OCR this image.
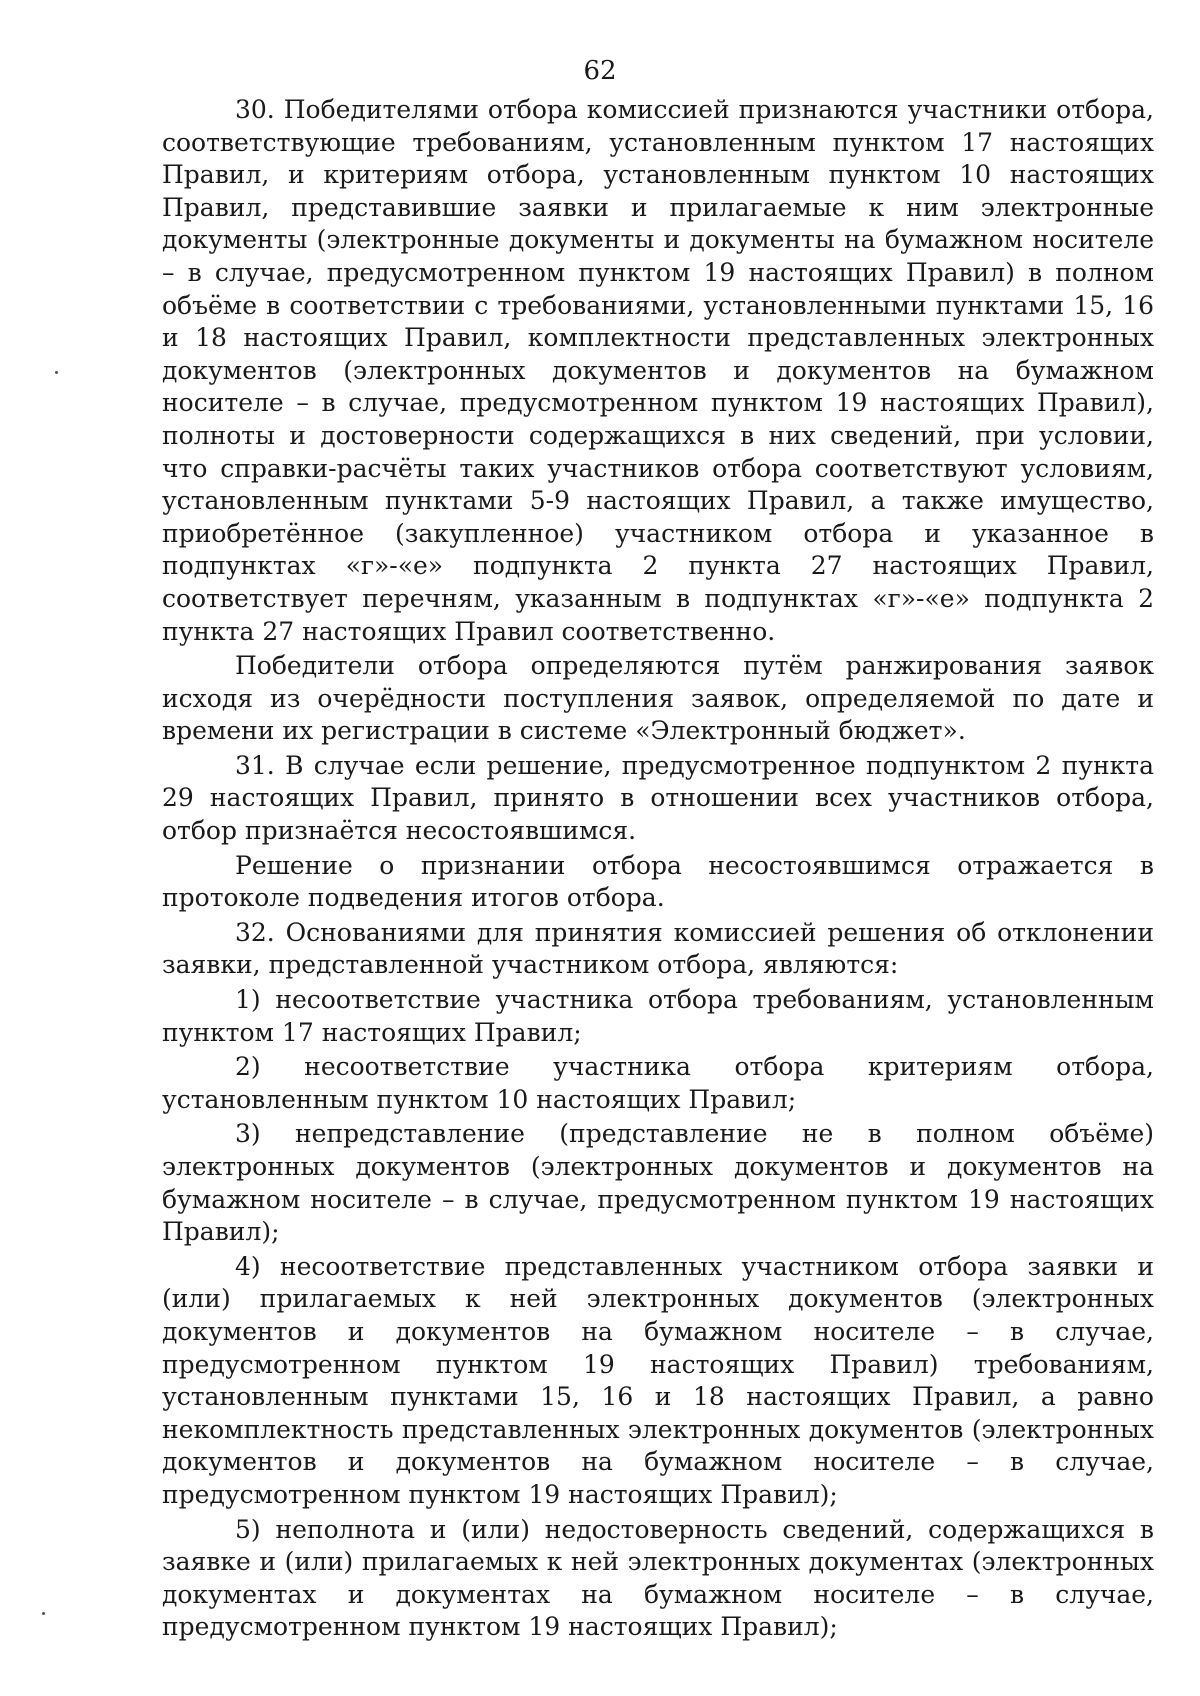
62

30. Победителями отбора комиссией признаются участники отбора, соответствующие требованиям, установленным пунктом 17 настоящих Правил, и критериям отбора, установленным пунктом 10 настоящих Правил, представившие заявки и прилагаемые к ним электронные документы (электронные документы и документы на бумажном носителе – в случае, предусмотренном пунктом 19 настоящих Правил) в полном объёме в соответствии с требованиями, установленными пунктами 15, 16 и 18 настоящих Правил, комплектности представленных электронных документов (электронных документов и документов на бумажном носителе – в случае, предусмотренном пунктом 19 настоящих Правил), полноты и достоверности содержащихся в них сведений, при условии, что справки-расчёты таких участников отбора соответствуют условиям, установленным пунктами 5-9 настоящих Правил, а также имущество, приобретённое (закупленное) участником отбора и указанное в подпунктах «г»-«е» подпункта 2 пункта 27 настоящих Правил, соответствует перечням, указанным в подпунктах «г»-«е» подпункта 2 пункта 27 настоящих Правил соответственно.

Победители отбора определяются путём ранжирования заявок исходя из очерёдности поступления заявок, определяемой по дате и времени их регистрации в системе «Электронный бюджет».

31. В случае если решение, предусмотренное подпунктом 2 пункта 29 настоящих Правил, принято в отношении всех участников отбора, отбор признаётся несостоявшимся.

Решение о признании отбора несостоявшимся отражается в протоколе подведения итогов отбора.

32. Основаниями для принятия комиссией решения об отклонении заявки, представленной участником отбора, являются:

1) несоответствие участника отбора требованиям, установленным пунктом 17 настоящих Правил;

2) несоответствие участника отбора критериям отбора, установленным пунктом 10 настоящих Правил;

3) непредставление (представление не в полном объёме) электронных документов (электронных документов и документов на бумажном носителе – в случае, предусмотренном пунктом 19 настоящих Правил);

4) несоответствие представленных участником отбора заявки и (или) прилагаемых к ней электронных документов (электронных документов и документов на бумажном носителе – в случае, предусмотренном пунктом 19 настоящих Правил) требованиям, установленным пунктами 15, 16 и 18 настоящих Правил, а равно некомплектность представленных электронных документов (электронных документов и документов на бумажном носителе – в случае, предусмотренном пунктом 19 настоящих Правил);

5) неполнота и (или) недостоверность сведений, содержащихся в заявке и (или) прилагаемых к ней электронных документах (электронных документах и документах на бумажном носителе – в случае, предусмотренном пунктом 19 настоящих Правил);
